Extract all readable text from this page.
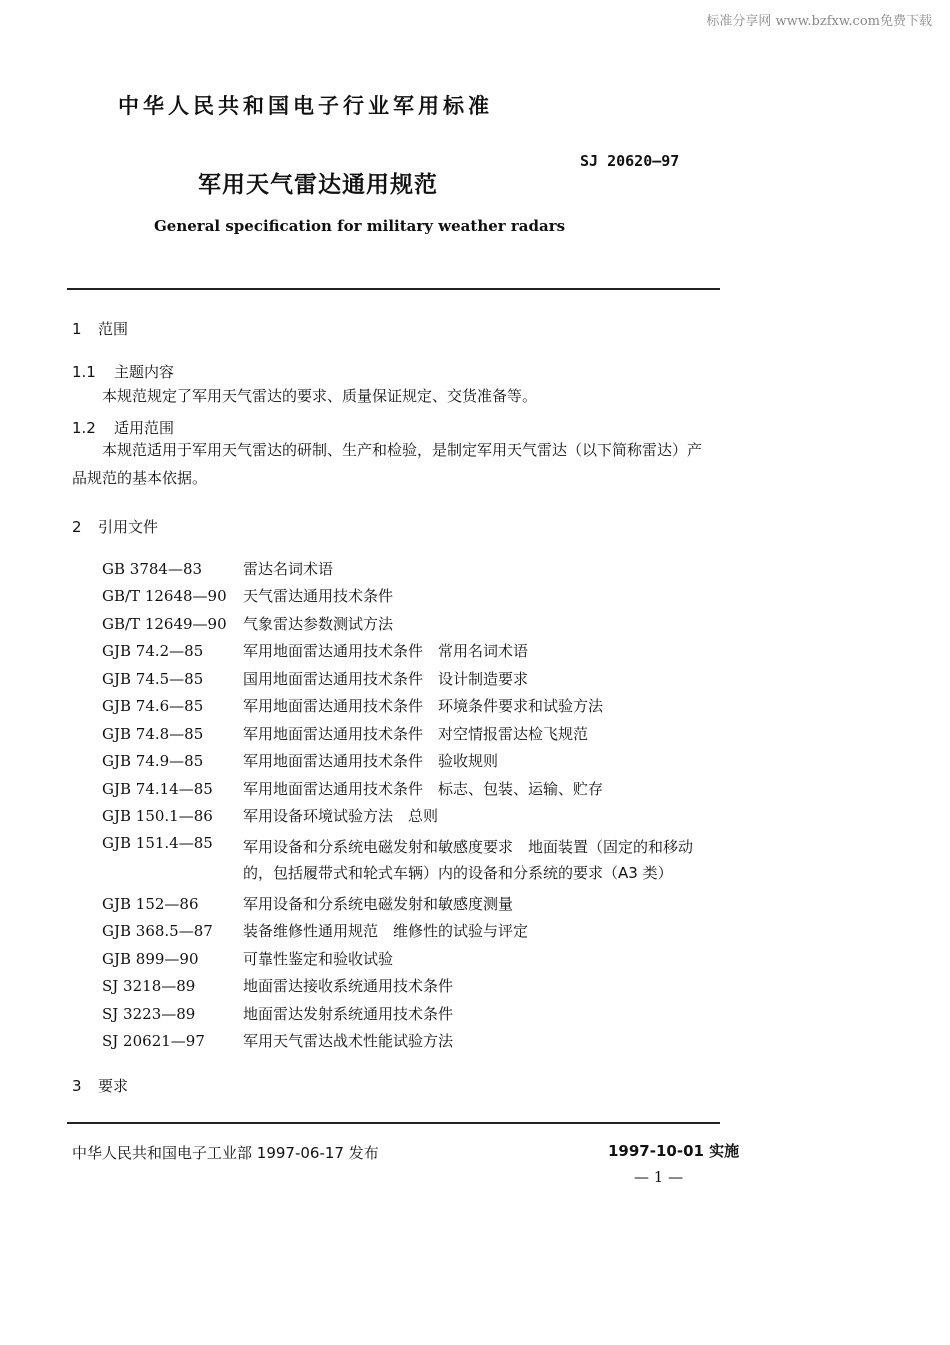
标准分享网 www.bzfxw.com免费下载
中华人民共和国电子行业军用标准
SJ 20620—97
军用天气雷达通用规范
General specification for military weather radars
1 范围
1.1 主题内容
本规范规定了军用天气雷达的要求、质量保证规定、交货准备等。
1.2 适用范围
本规范适用于军用天气雷达的研制、生产和检验，是制定军用天气雷达（以下简称雷达）产
品规范的基本依据。
2 引用文件
GB 3784—83	雷达名词术语
GB/T 12648—90	天气雷达通用技术条件
GB/T 12649—90	气象雷达参数测试方法
GJB 74.2—85	军用地面雷达通用技术条件　常用名词术语
GJB 74.5—85	国用地面雷达通用技术条件　设计制造要求
GJB 74.6—85	军用地面雷达通用技术条件　环境条件要求和试验方法
GJB 74.8—85	军用地面雷达通用技术条件　对空情报雷达检飞规范
GJB 74.9—85	军用地面雷达通用技术条件　验收规则
GJB 74.14—85	军用地面雷达通用技术条件　标志、包装、运输、贮存
GJB 150.1—86	军用设备环境试验方法　总则
GJB 151.4—85	军用设备和分系统电磁发射和敏感度要求　地面装置（固定的和移动的，包括履带式和轮式车辆）内的设备和分系统的要求（A3 类）
GJB 152—86	军用设备和分系统电磁发射和敏感度测量
GJB 368.5—87	装备维修性通用规范　维修性的试验与评定
GJB 899—90	可靠性鉴定和验收试验
SJ 3218—89	地面雷达接收系统通用技术条件
SJ 3223—89	地面雷达发射系统通用技术条件
SJ 20621—97	军用天气雷达战术性能试验方法
3 要求
中华人民共和国电子工业部 1997-06-17 发布	1997-10-01 实施
— 1 —
